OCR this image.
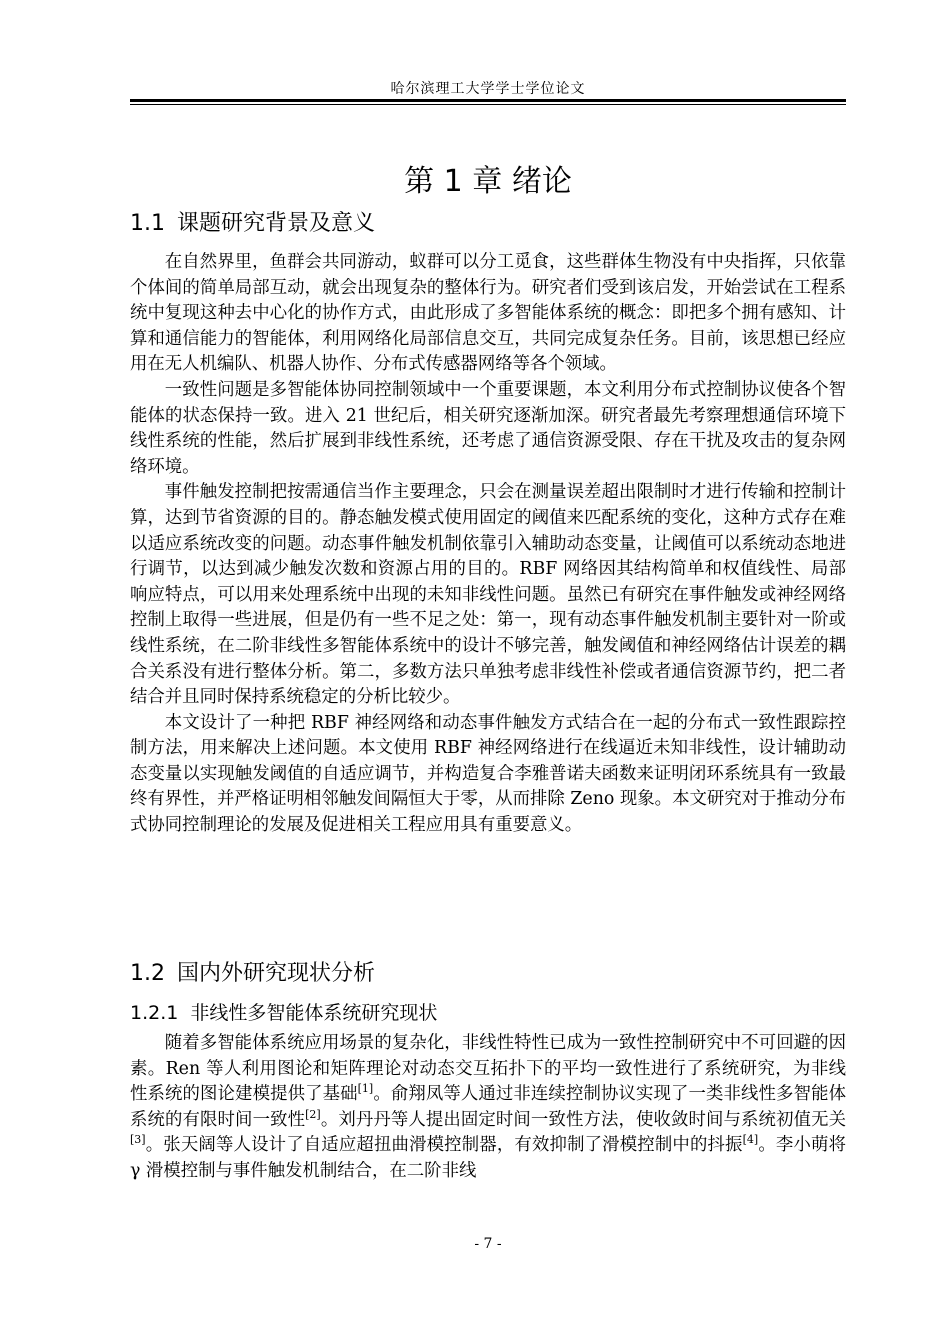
哈尔滨理工大学学士学位论文
第 1 章 绪论
1.1 课题研究背景及意义

在自然界里，鱼群会共同游动，蚁群可以分工觅食，这些群体生物没有中央指挥，只依靠个体间的简单局部互动，就会出现复杂的整体行为。研究者们受到该启发，开始尝试在工程系统中复现这种去中心化的协作方式，由此形成了多智能体系统的概念：即把多个拥有感知、计算和通信能力的智能体，利用网络化局部信息交互，共同完成复杂任务。目前，该思想已经应用在无人机编队、机器人协作、分布式传感器网络等各个领域。

一致性问题是多智能体协同控制领域中一个重要课题，本文利用分布式控制协议使各个智能体的状态保持一致。进入 21 世纪后，相关研究逐渐加深。研究者最先考察理想通信环境下线性系统的性能，然后扩展到非线性系统，还考虑了通信资源受限、存在干扰及攻击的复杂网络环境。

事件触发控制把按需通信当作主要理念，只会在测量误差超出限制时才进行传输和控制计算，达到节省资源的目的。静态触发模式使用固定的阈值来匹配系统的变化，这种方式存在难以适应系统改变的问题。动态事件触发机制依靠引入辅助动态变量，让阈值可以系统动态地进行调节，以达到减少触发次数和资源占用的目的。RBF 网络因其结构简单和权值线性、局部响应特点，可以用来处理系统中出现的未知非线性问题。虽然已有研究在事件触发或神经网络控制上取得一些进展，但是仍有一些不足之处：第一，现有动态事件触发机制主要针对一阶或线性系统，在二阶非线性多智能体系统中的设计不够完善，触发阈值和神经网络估计误差的耦合关系没有进行整体分析。第二，多数方法只单独考虑非线性补偿或者通信资源节约，把二者结合并且同时保持系统稳定的分析比较少。

本文设计了一种把 RBF 神经网络和动态事件触发方式结合在一起的分布式一致性跟踪控制方法，用来解决上述问题。本文使用 RBF 神经网络进行在线逼近未知非线性，设计辅助动态变量以实现触发阈值的自适应调节，并构造复合李雅普诺夫函数来证明闭环系统具有一致最终有界性，并严格证明相邻触发间隔恒大于零，从而排除 Zeno 现象。本文研究对于推动分布式协同控制理论的发展及促进相关工程应用具有重要意义。

1.2 国内外研究现状分析
1.2.1 非线性多智能体系统研究现状

随着多智能体系统应用场景的复杂化，非线性特性已成为一致性控制研究中不可回避的因素。Ren 等人利用图论和矩阵理论对动态交互拓扑下的平均一致性进行了系统研究，为非线性系统的图论建模提供了基础[1]。俞翔凤等人通过非连续控制协议实现了一类非线性多智能体系统的有限时间一致性[2]。刘丹丹等人提出固定时间一致性方法，使收敛时间与系统初值无关[3]。张天阔等人设计了自适应超扭曲滑模控制器，有效抑制了滑模控制中的抖振[4]。李小萌将 γ 滑模控制与事件触发机制结合，在二阶非线

- 7 -
